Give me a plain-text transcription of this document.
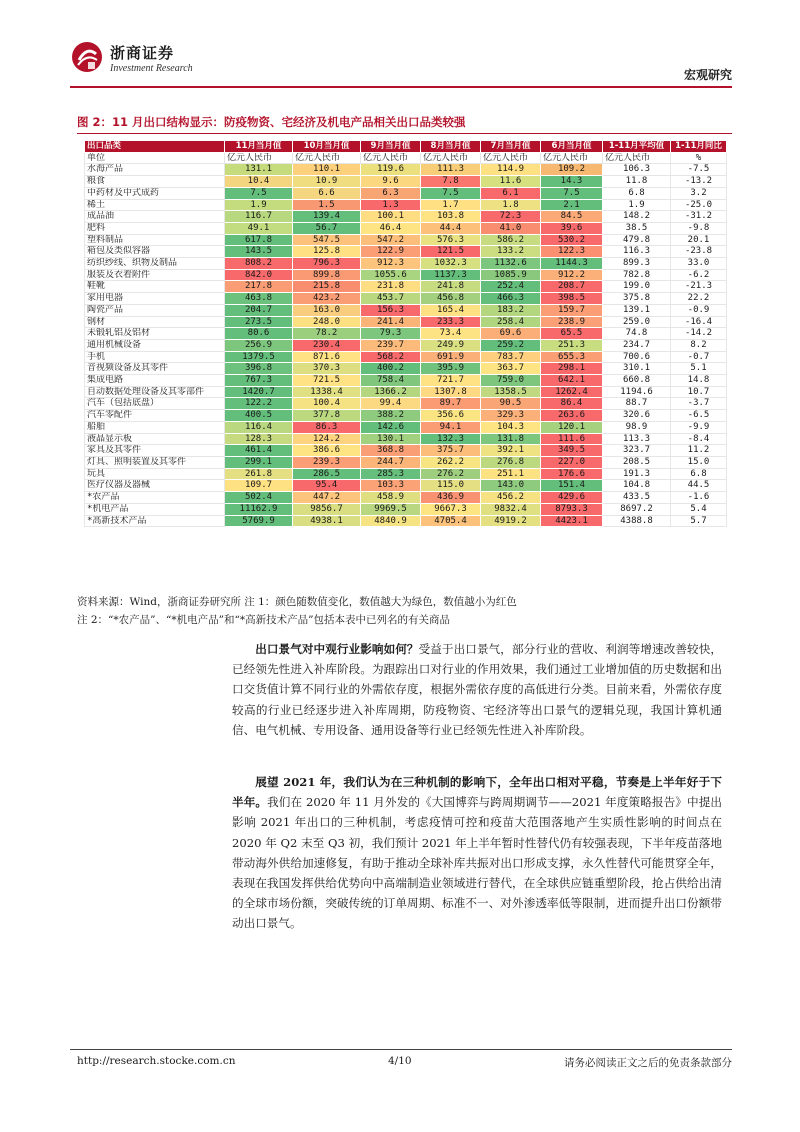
浙商证券
Investment Research	宏观研究
图 2：11 月出口结构显示：防疫物资、宅经济及机电产品相关出口品类较强
出口品类	11月当月值	10月当月值	9月当月值	8月当月值	7月当月值	6月当月值	1-11月平均值	1-11月同比
单位	亿元人民币	亿元人民币	亿元人民币	亿元人民币	亿元人民币	亿元人民币	亿元人民币	%
水海产品	131.1	110.1	119.6	111.3	114.9	109.2	106.3	-7.5
粮食	10.4	10.9	9.6	7.8	11.6	14.3	11.8	-13.2
中药材及中式成药	7.5	6.6	6.3	7.5	6.1	7.5	6.8	3.2
稀土	1.9	1.5	1.3	1.7	1.8	2.1	1.9	-25.0
成品油	116.7	139.4	100.1	103.8	72.3	84.5	148.2	-31.2
肥料	49.1	56.7	46.4	44.4	41.0	39.6	38.5	-9.8
塑料制品	617.8	547.5	547.2	576.3	586.2	530.2	479.8	20.1
箱包及类似容器	143.5	125.8	122.9	121.5	133.2	122.3	116.3	-23.8
纺织纱线、织物及制品	808.2	796.3	912.3	1032.3	1132.6	1144.3	899.3	33.0
服装及衣着附件	842.0	899.8	1055.6	1137.3	1085.9	912.2	782.8	-6.2
鞋靴	217.8	215.8	231.8	241.8	252.4	208.7	199.0	-21.3
家用电器	463.8	423.2	453.7	456.8	466.3	398.5	375.8	22.2
陶瓷产品	204.7	163.0	156.3	165.4	183.2	159.7	139.1	-0.9
钢材	273.5	248.0	241.4	233.3	258.4	238.9	259.0	-16.4
未锻轧铝及铝材	80.6	78.2	79.3	73.4	69.6	65.5	74.8	-14.2
通用机械设备	256.9	230.4	239.7	249.9	259.2	251.3	234.7	8.2
手机	1379.5	871.6	568.2	691.9	783.7	655.3	700.6	-0.7
音视频设备及其零件	396.8	370.3	400.2	395.9	363.7	298.1	310.1	5.1
集成电路	767.3	721.5	758.4	721.7	759.0	642.1	660.8	14.8
自动数据处理设备及其零部件	1420.7	1338.4	1366.2	1307.8	1358.5	1262.4	1194.6	10.7
汽车（包括底盘）	122.2	100.4	99.4	89.7	90.5	86.4	88.7	-3.7
汽车零配件	400.5	377.8	388.2	356.6	329.3	263.6	320.6	-6.5
船舶	116.4	86.3	142.6	94.1	104.3	120.1	98.9	-9.9
液晶显示板	128.3	124.2	130.1	132.3	131.8	111.6	113.3	-8.4
家具及其零件	461.4	386.6	368.8	375.7	392.1	349.5	323.7	11.2
灯具、照明装置及其零件	299.1	239.3	244.7	262.2	276.8	227.0	208.5	15.0
玩具	261.8	286.5	285.3	276.2	251.1	176.6	191.3	6.8
医疗仪器及器械	109.7	95.4	103.3	115.0	143.0	151.4	104.8	44.5
*农产品	502.4	447.2	458.9	436.9	456.2	429.6	433.5	-1.6
*机电产品	11162.9	9856.7	9969.5	9667.3	9832.4	8793.3	8697.2	5.4
*高新技术产品	5769.9	4938.1	4840.9	4705.4	4919.2	4423.1	4388.8	5.7
资料来源：Wind，浙商证券研究所 注 1：颜色随数值变化，数值越大为绿色，数值越小为红色
注 2：“*农产品”、“*机电产品”和“*高新技术产品”包括本表中已列名的有关商品

出口景气对中观行业影响如何？受益于出口景气，部分行业的营收、利润等增速改善较快，已经领先性进入补库阶段。为跟踪出口对行业的作用效果，我们通过工业增加值的历史数据和出口交货值计算不同行业的外需依存度，根据外需依存度的高低进行分类。目前来看，外需依存度较高的行业已经逐步进入补库周期，防疫物资、宅经济等出口景气的逻辑兑现，我国计算机通信、电气机械、专用设备、通用设备等行业已经领先性进入补库阶段。

展望 2021 年，我们认为在三种机制的影响下，全年出口相对平稳，节奏是上半年好于下半年。我们在 2020 年 11 月外发的《大国博弈与跨周期调节——2021 年度策略报告》中提出影响 2021 年出口的三种机制，考虑疫情可控和疫苗大范围落地产生实质性影响的时间点在 2020 年 Q2 末至 Q3 初，我们预计 2021 年上半年暂时性替代仍有较强表现，下半年疫苗落地带动海外供给加速修复，有助于推动全球补库共振对出口形成支撑，永久性替代可能贯穿全年，表现在我国发挥供给优势向中高端制造业领域进行替代，在全球供应链重塑阶段，抢占供给出清的全球市场份额，突破传统的订单周期、标准不一、对外渗透率低等限制，进而提升出口份额带动出口景气。

http://research.stocke.com.cn	4/10	请务必阅读正文之后的免责条款部分
